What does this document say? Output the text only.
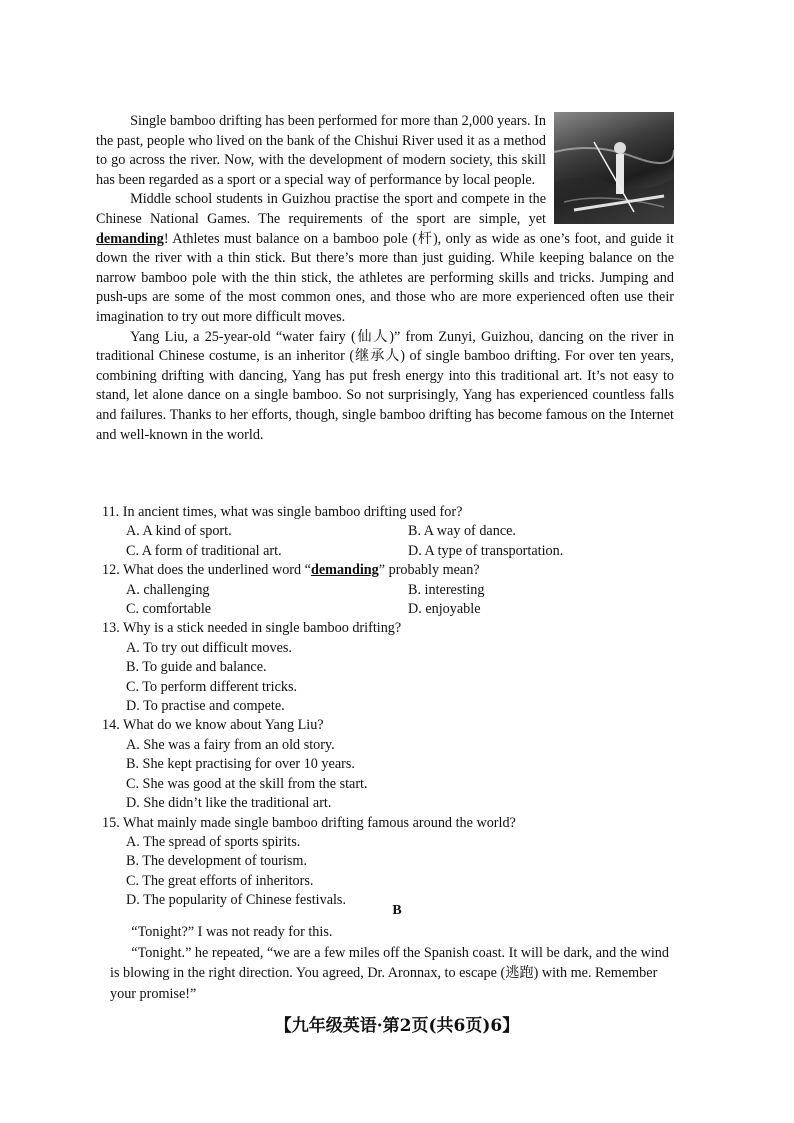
Single bamboo drifting has been performed for more than 2,000 years. In the past, people who lived on the bank of the Chishui River used it as a method to go across the river. Now, with the development of modern society, this skill has been regarded as a sport or a special way of performance by local people.

Middle school students in Guizhou practise the sport and compete in the Chinese National Games. The requirements of the sport are simple, yet demanding! Athletes must balance on a bamboo pole (杆), only as wide as one’s foot, and guide it down the river with a thin stick. But there’s more than just guiding. While keeping balance on the narrow bamboo pole with the thin stick, the athletes are performing skills and tricks. Jumping and push-ups are some of the most common ones, and those who are more experienced often use their imagination to try out more difficult moves.

Yang Liu, a 25-year-old “water fairy (仙人)” from Zunyi, Guizhou, dancing on the river in traditional Chinese costume, is an inheritor (继承人) of single bamboo drifting. For over ten years, combining drifting with dancing, Yang has put fresh energy into this traditional art. It’s not easy to stand, let alone dance on a single bamboo. So not surprisingly, Yang has experienced countless falls and failures. Thanks to her efforts, though, single bamboo drifting has become famous on the Internet and well-known in the world.

11. In ancient times, what was single bamboo drifting used for?

A. A kind of sport.	B. A way of dance.
C. A form of traditional art.	D. A type of transportation.

12. What does the underlined word “demanding” probably mean?

A. challenging	B. interesting
C. comfortable	D. enjoyable

13. Why is a stick needed in single bamboo drifting?

A. To try out difficult moves.
B. To guide and balance.
C. To perform different tricks.
D. To practise and compete.

14. What do we know about Yang Liu?

A. She was a fairy from an old story.
B. She kept practising for over 10 years.
C. She was good at the skill from the start.
D. She didn’t like the traditional art.

15. What mainly made single bamboo drifting famous around the world?

A. The spread of sports spirits.
B. The development of tourism.
C. The great efforts of inheritors.
D. The popularity of Chinese festivals.
B

“Tonight?” I was not ready for this.

“Tonight.” he repeated, “we are a few miles off the Spanish coast. It will be dark, and the wind is blowing in the right direction. You agreed, Dr. Aronnax, to escape (逃跑) with me. Remember your promise!”

【九年级英语·第2页(共6页)6】
